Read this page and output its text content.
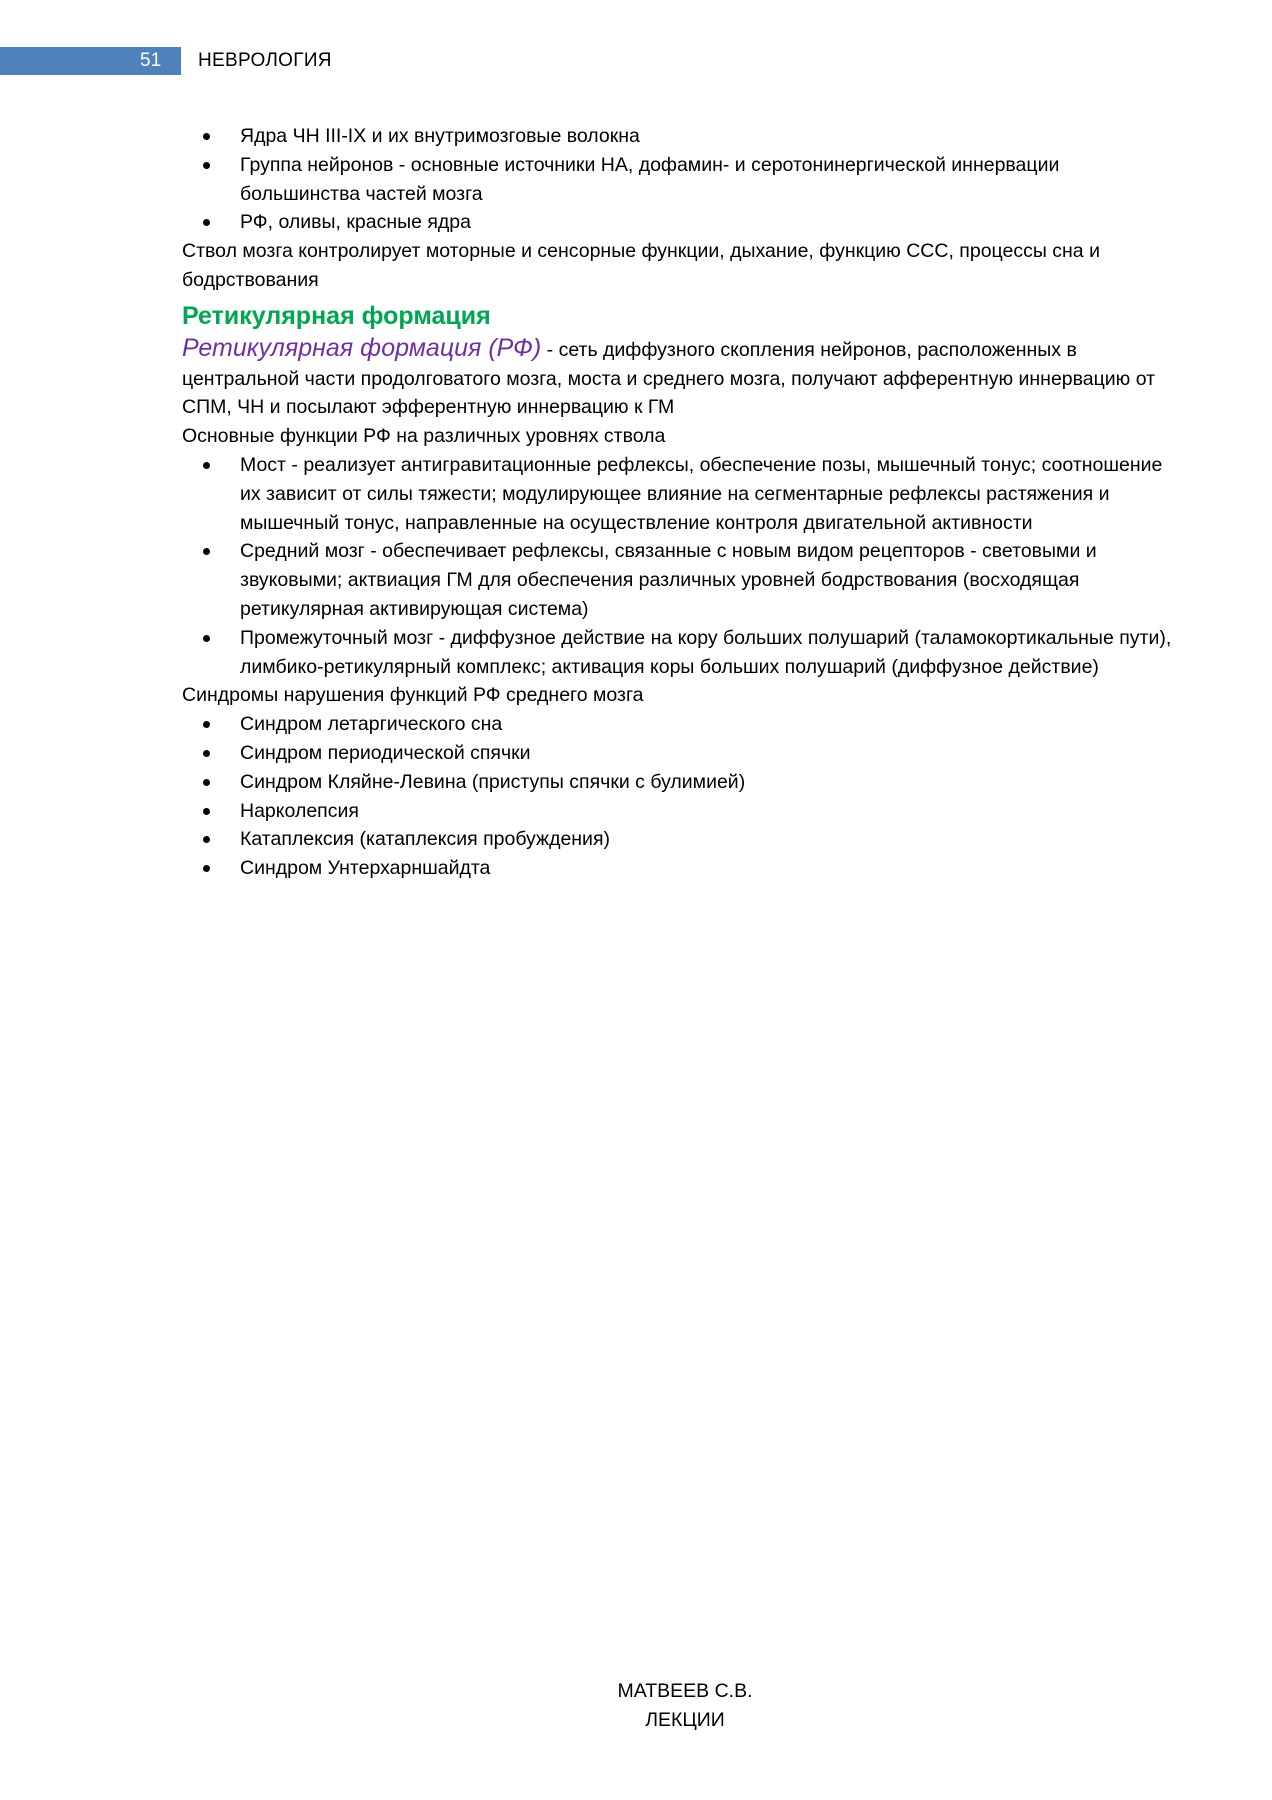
51 НЕВРОЛОГИЯ
Ядра ЧН III-IX и их внутримозговые волокна
Группа нейронов - основные источники НА, дофамин- и серотонинергической иннервации большинства частей мозга
РФ, оливы, красные ядра

Ствол мозга контролирует моторные и сенсорные функции, дыхание, функцию ССС, процессы сна и бодрствования

Ретикулярная формация

Ретикулярная формация (РФ) - сеть диффузного скопления нейронов, расположенных в центральной части продолговатого мозга, моста и среднего мозга, получают афферентную иннервацию от СПМ, ЧН и посылают эфферентную иннервацию к ГМ

Основные функции РФ на различных уровнях ствола

Мост - реализует антигравитационные рефлексы, обеспечение позы, мышечный тонус; соотношение их зависит от силы тяжести; модулирующее влияние на сегментарные рефлексы растяжения и мышечный тонус, направленные на осуществление контроля двигательной активности
Средний мозг - обеспечивает рефлексы, связанные с новым видом рецепторов - световыми и звуковыми; актвиация ГМ для обеспечения различных уровней бодрствования (восходящая ретикулярная активирующая система)
Промежуточный мозг - диффузное действие на кору больших полушарий (таламокортикальные пути), лимбико-ретикулярный комплекс; активация коры больших полушарий (диффузное действие)

Синдромы нарушения функций РФ среднего мозга

Синдром летаргического сна
Синдром периодической спячки
Синдром Кляйне-Левина (приступы спячки с булимией)
Нарколепсия
Катаплексия (катаплексия пробуждения)
Синдром Унтерхарншайдта
МАТВЕЕВ С.В.
ЛЕКЦИИ
